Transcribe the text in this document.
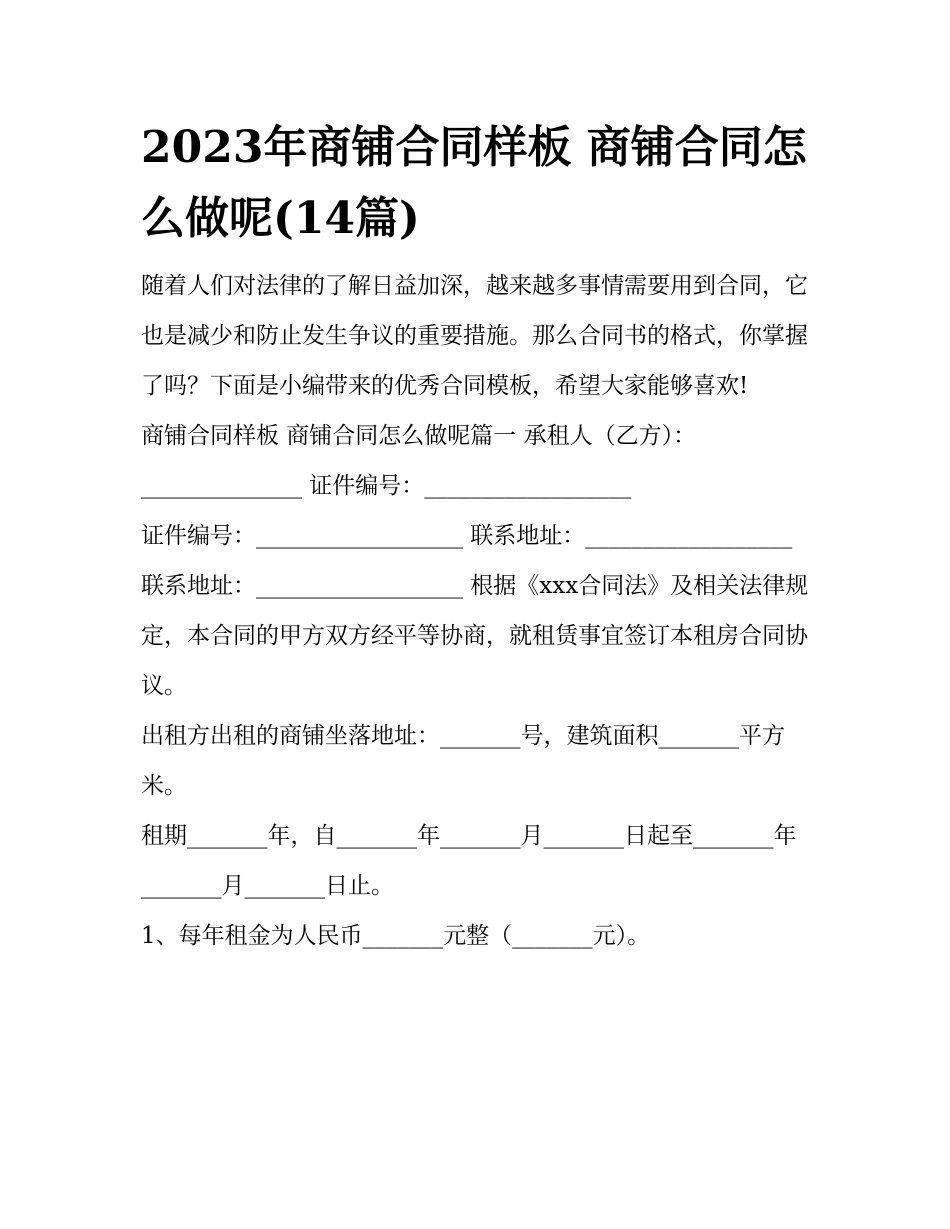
2023年商铺合同样板 商铺合同怎么做呢(14篇)

随着人们对法律的了解日益加深，越来越多事情需要用到合同，它也是减少和防止发生争议的重要措施。那么合同书的格式，你掌握了吗？下面是小编带来的优秀合同模板，希望大家能够喜欢!

商铺合同样板 商铺合同怎么做呢篇一 承租人（乙方）：______________ 证件编号：__________________

证件编号：__________________ 联系地址：__________________

联系地址：__________________ 根据《xxx合同法》及相关法律规定，本合同的甲方双方经平等协商，就租赁事宜签订本租房合同协议。

出租方出租的商铺坐落地址：_______号，建筑面积_______平方米。

租期_______年，自_______年_______月_______日起至_______年_______月_______日止。

1、每年租金为人民币_______元整（_______元）。
